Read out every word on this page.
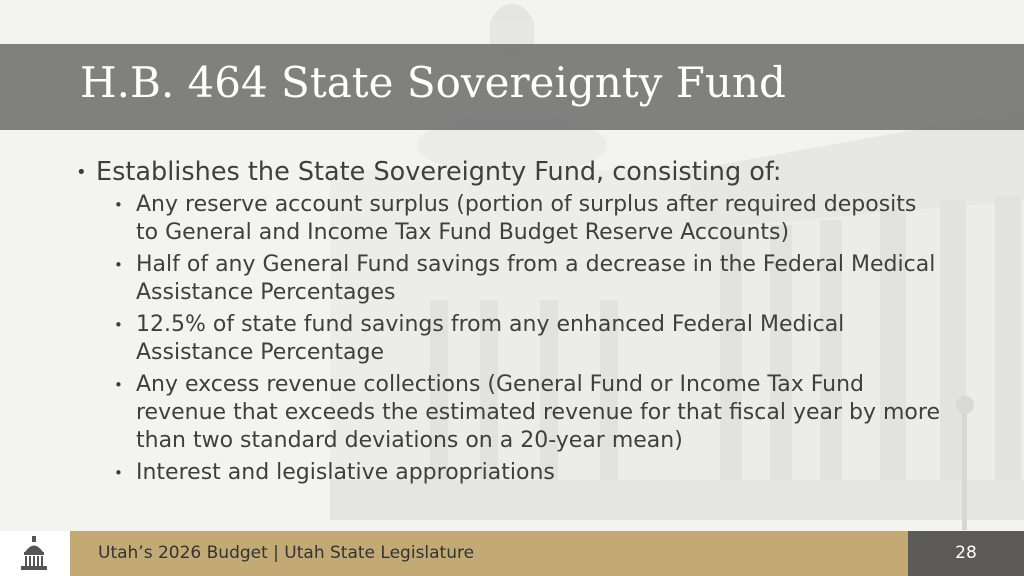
H.B. 464 State Sovereignty Fund
• Establishes the State Sovereignty Fund, consisting of:
• Any reserve account surplus (portion of surplus after required deposits to General and Income Tax Fund Budget Reserve Accounts)
• Half of any General Fund savings from a decrease in the Federal Medical Assistance Percentages
• 12.5% of state fund savings from any enhanced Federal Medical Assistance Percentage
• Any excess revenue collections (General Fund or Income Tax Fund revenue that exceeds the estimated revenue for that fiscal year by more than two standard deviations on a 20-year mean)
• Interest and legislative appropriations
Utah’s 2026 Budget | Utah State Legislature	28
